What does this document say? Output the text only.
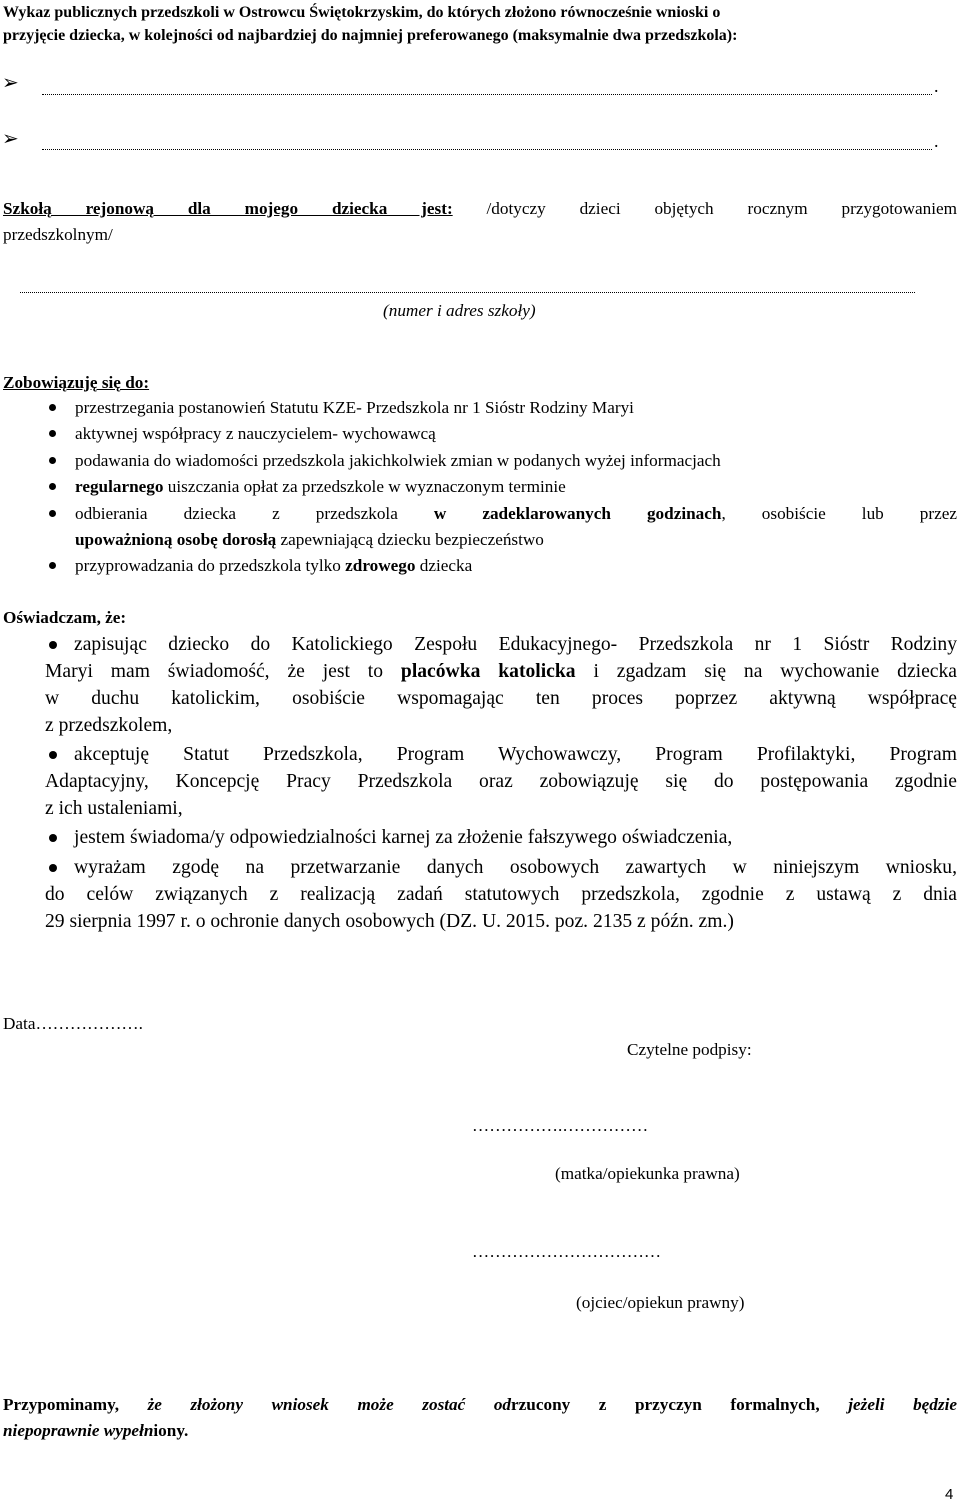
Wykaz publicznych przedszkoli w Ostrowcu Świętokrzyskim, do których złożono równocześnie wnioski o
przyjęcie dziecka, w kolejności od najbardziej do najmniej preferowanego (maksymalnie dwa przedszkola):
➢	.
➢	.
Szkołą rejonową dla mojego dziecka jest: /dotyczy dzieci objętych rocznym przygotowaniem
przedszkolnym/
(numer i adres szkoły)
Zobowiązuję się do:
przestrzegania postanowień Statutu KZE- Przedszkola nr 1 Sióstr Rodziny Maryi
aktywnej współpracy z nauczycielem- wychowawcą
podawania do wiadomości przedszkola jakichkolwiek zmian w podanych wyżej informacjach
regularnego uiszczania opłat za przedszkole w wyznaczonym terminie
odbierania dziecka z przedszkola w zadeklarowanych godzinach, osobiście lub przez
upoważnioną osobę dorosłą zapewniającą dziecku bezpieczeństwo
przyprowadzania do przedszkola tylko zdrowego dziecka
Oświadczam, że:
zapisując dziecko do Katolickiego Zespołu Edukacyjnego- Przedszkola nr 1 Sióstr Rodziny
Maryi mam świadomość, że jest to placówka katolicka i zgadzam się na wychowanie dziecka
w duchu katolickim, osobiście wspomagając ten proces poprzez aktywną współpracę
z przedszkolem,
akceptuję Statut Przedszkola, Program Wychowawczy, Program Profilaktyki, Program
Adaptacyjny, Koncepcję Pracy Przedszkola oraz zobowiązuję się do postępowania zgodnie
z ich ustaleniami,
jestem świadoma/y odpowiedzialności karnej za złożenie fałszywego oświadczenia,
wyrażam zgodę na przetwarzanie danych osobowych zawartych w niniejszym wniosku,
do celów związanych z realizacją zadań statutowych przedszkola, zgodnie z ustawą z dnia
29 sierpnia 1997 r. o ochronie danych osobowych (DZ. U. 2015. poz. 2135 z późn. zm.)
Data……………….
Czytelne podpisy:
…………….……………
(matka/opiekunka prawna)
……………………………
(ojciec/opiekun prawny)
Przypominamy, że złożony wniosek może zostać odrzucony z przyczyn formalnych, jeżeli będzie
niepoprawnie wypełniony.
4
